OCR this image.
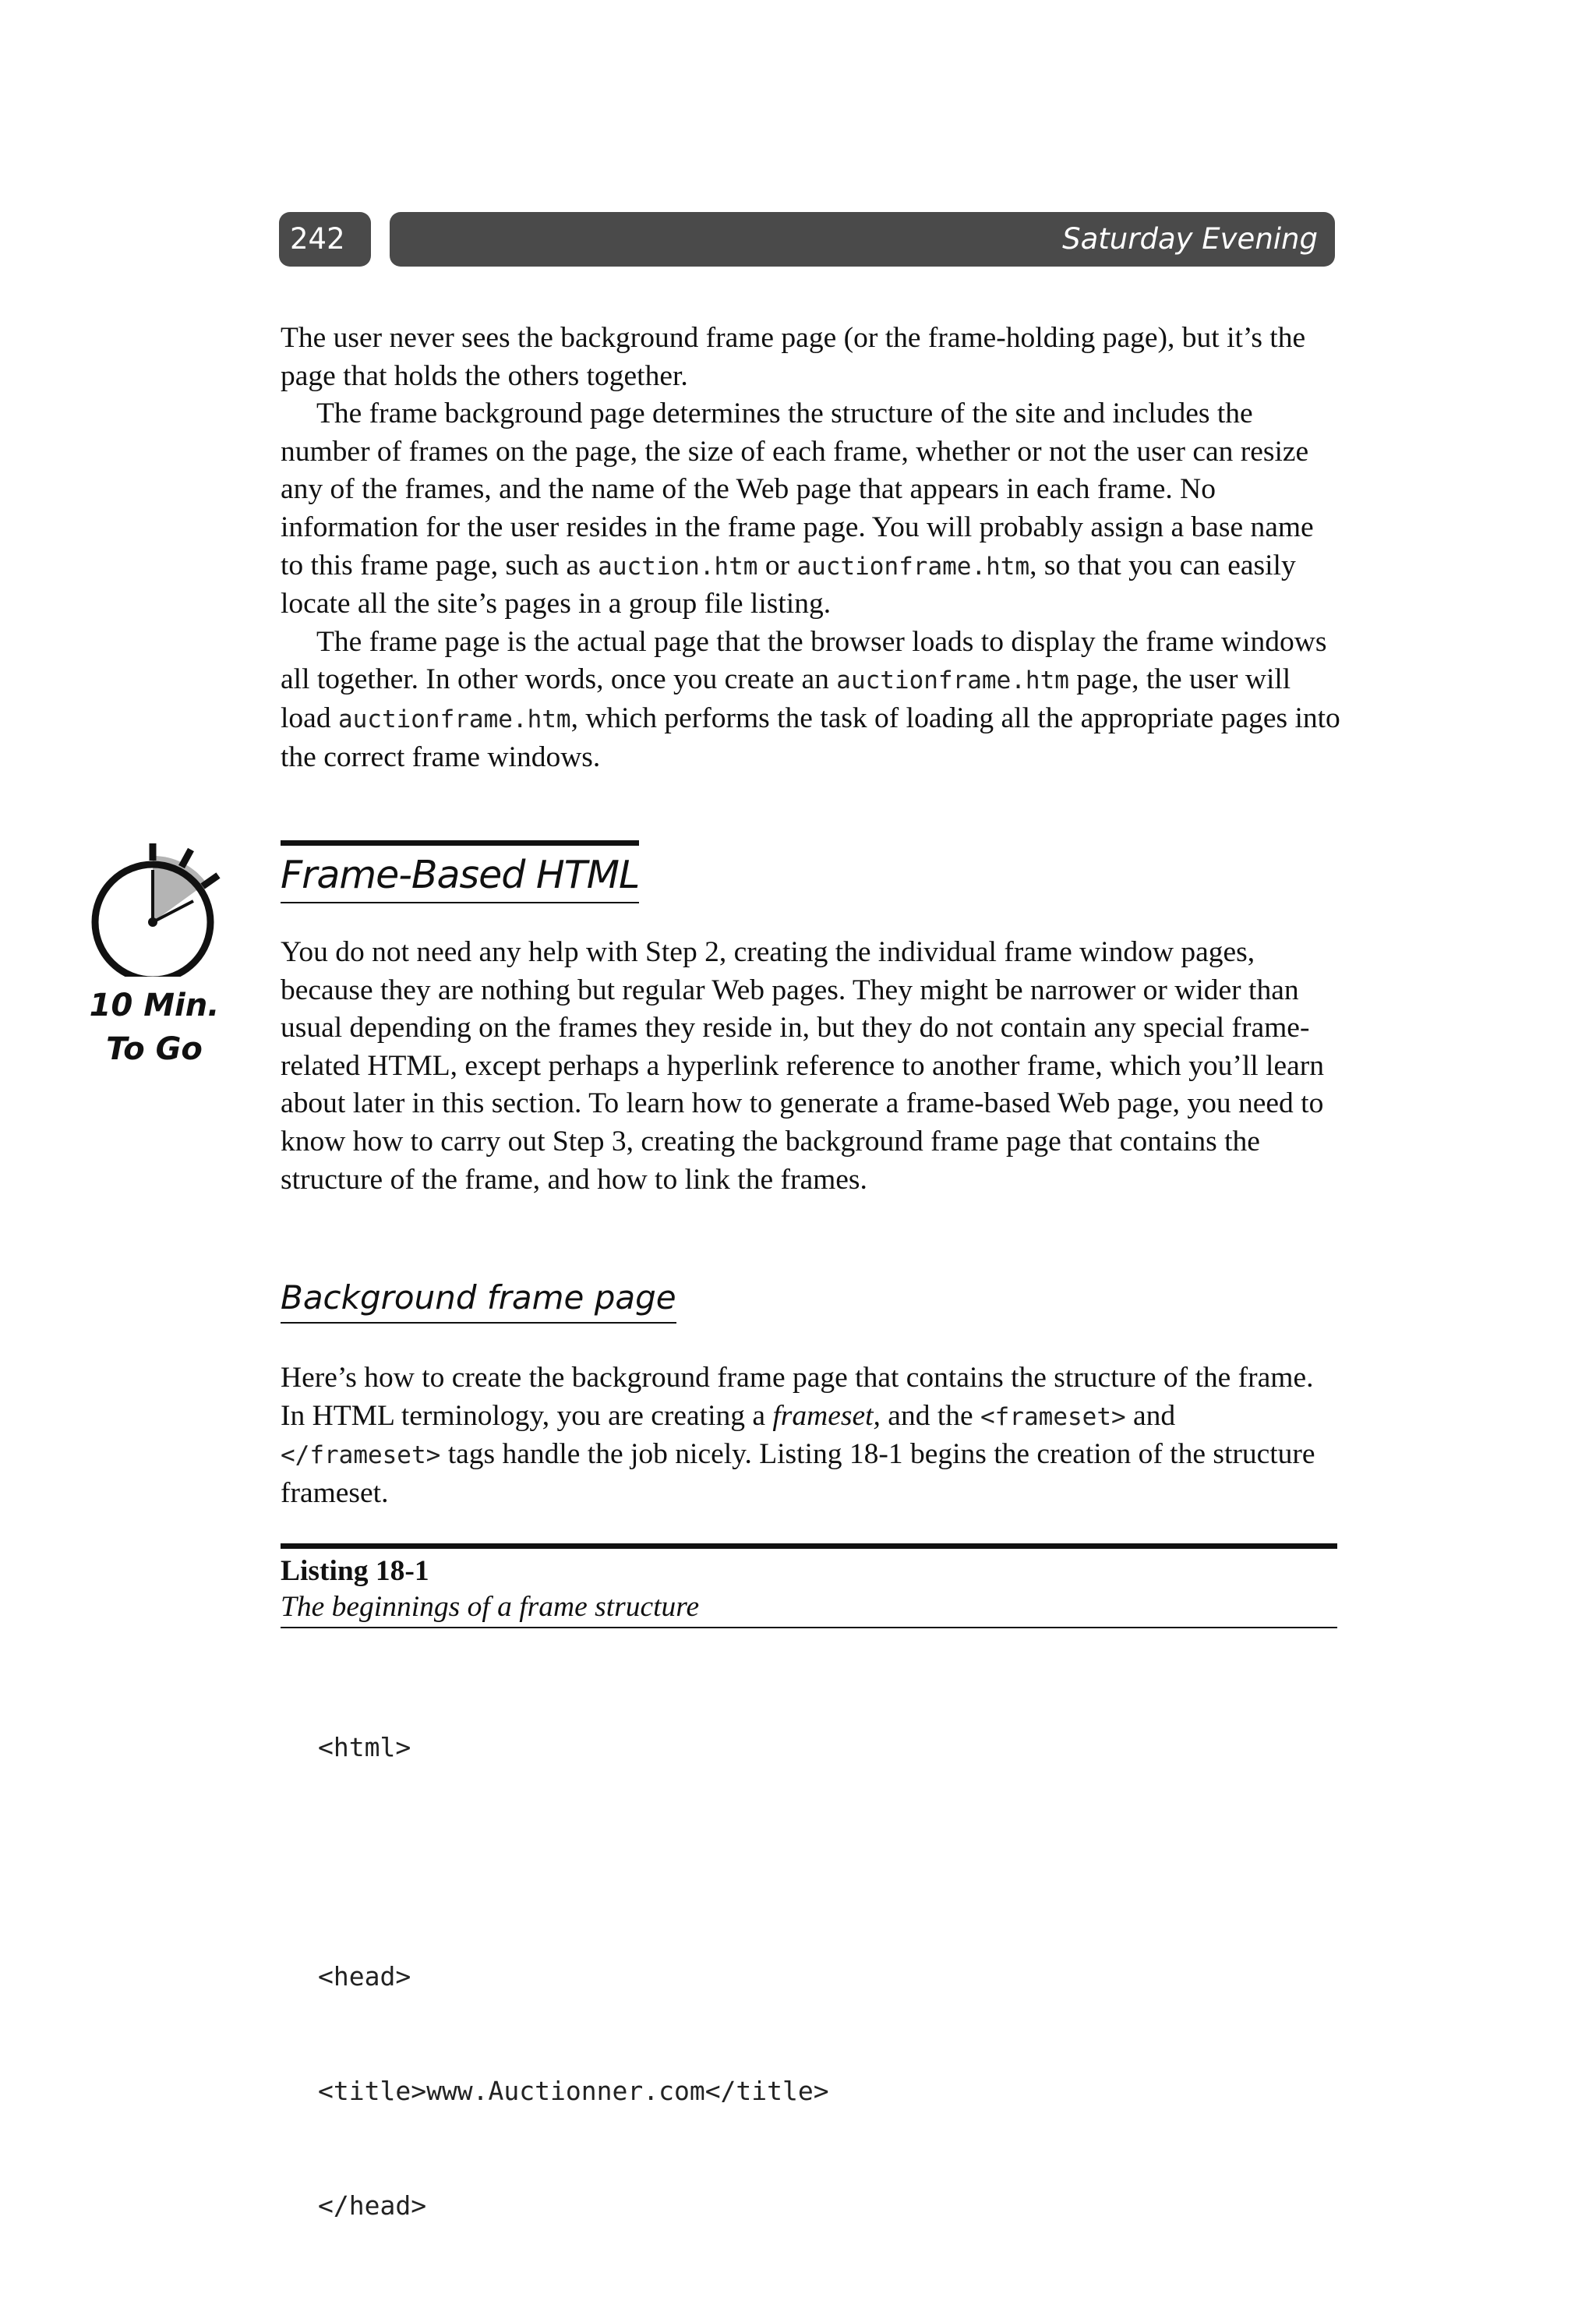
242	Saturday Evening

The user never sees the background frame page (or the frame-holding page), but it’s the page that holds the others together.

The frame background page determines the structure of the site and includes the number of frames on the page, the size of each frame, whether or not the user can resize any of the frames, and the name of the Web page that appears in each frame. No information for the user resides in the frame page. You will probably assign a base name to this frame page, such as auction.htm or auctionframe.htm, so that you can easily locate all the site’s pages in a group file listing.

The frame page is the actual page that the browser loads to display the frame windows all together. In other words, once you create an auctionframe.htm page, the user will load auctionframe.htm, which performs the task of loading all the appropriate pages into the correct frame windows.

10 Min.
To Go
Frame-Based HTML

You do not need any help with Step 2, creating the individual frame window pages, because they are nothing but regular Web pages. They might be narrower or wider than usual depending on the frames they reside in, but they do not contain any special frame-related HTML, except perhaps a hyperlink reference to another frame, which you’ll learn about later in this section. To learn how to generate a frame-based Web page, you need to know how to carry out Step 3, creating the background frame page that contains the structure of the frame, and how to link the frames.

Background frame page

Here’s how to create the background frame page that contains the structure of the frame. In HTML terminology, you are creating a frameset, and the <frameset> and </frameset> tags handle the job nicely. Listing 18-1 begins the creation of the structure frameset.

Listing 18-1
The beginnings of a frame structure

<html>

<head>

<title>www.Auctionner.com</title>

</head>
